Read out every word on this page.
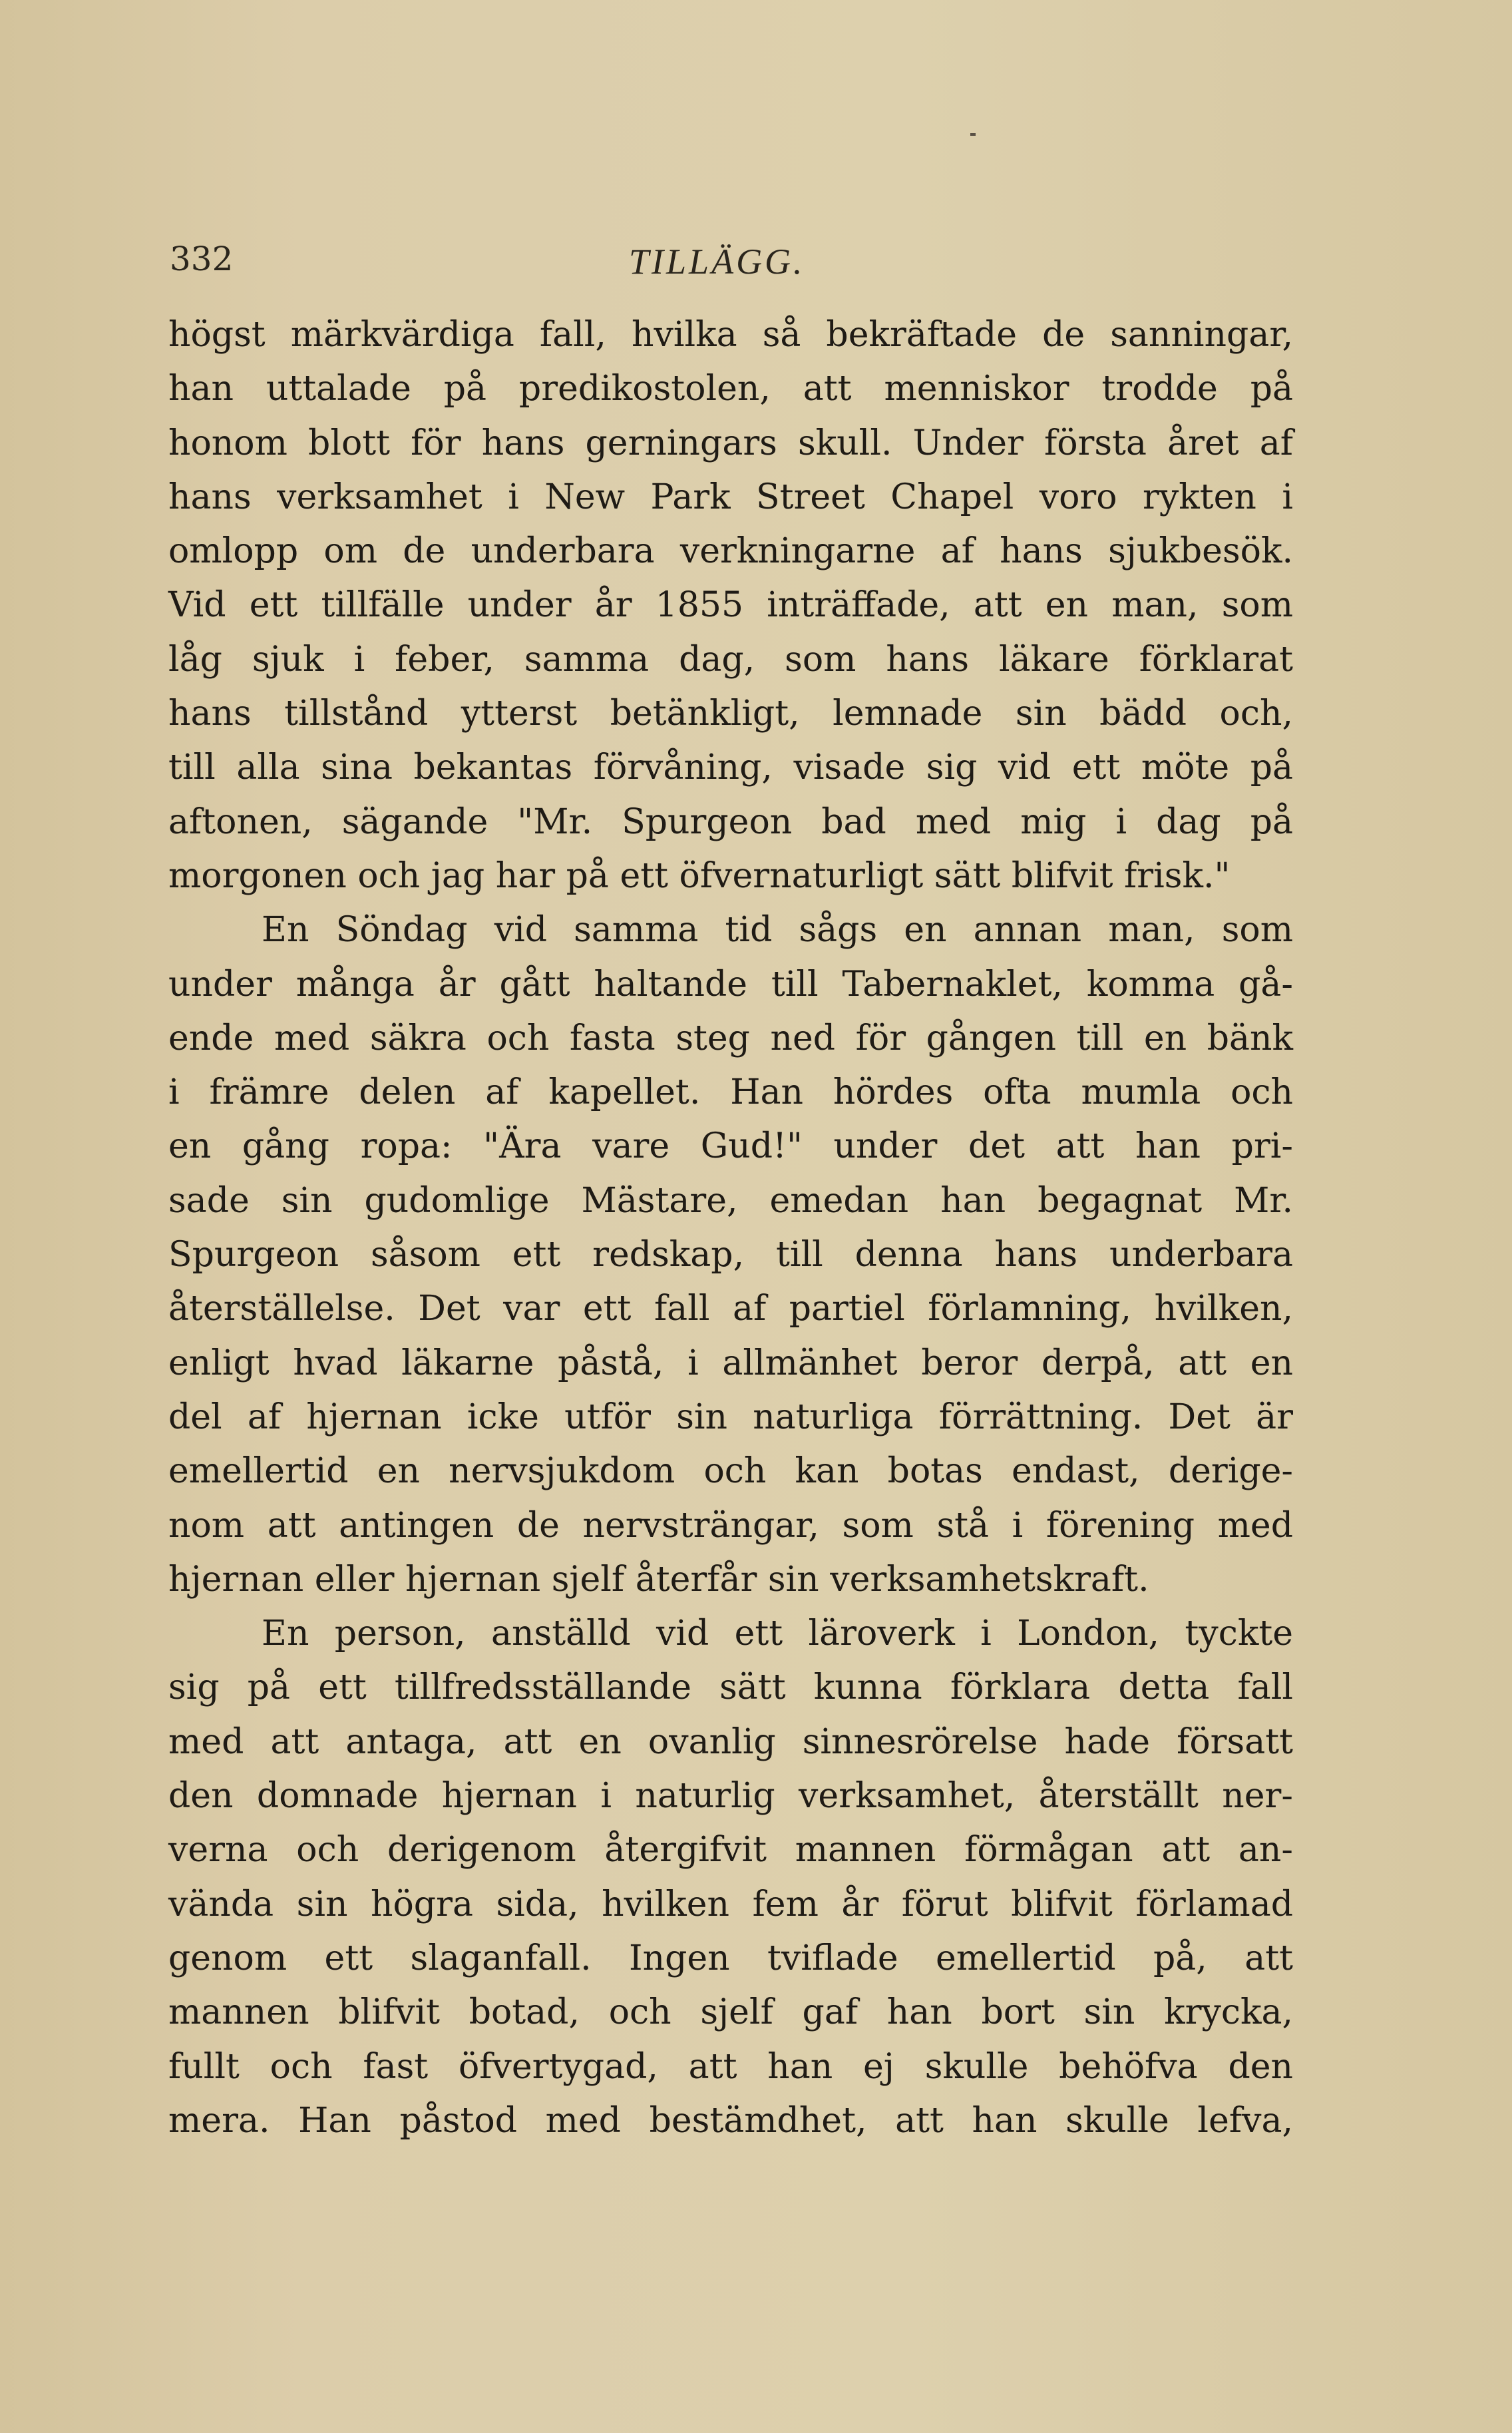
332	TILLÄGG.
högst märkvärdiga fall, hvilka så bekräftade de sanningar,
han uttalade på predikostolen, att menniskor trodde på
honom blott för hans gerningars skull. Under första året af
hans verksamhet i New Park Street Chapel voro rykten i
omlopp om de underbara verkningarne af hans sjukbesök.
Vid ett tillfälle under år 1855 inträffade, att en man, som
låg sjuk i feber, samma dag, som hans läkare förklarat
hans tillstånd ytterst betänkligt, lemnade sin bädd och,
till alla sina bekantas förvåning, visade sig vid ett möte på
aftonen, sägande "Mr. Spurgeon bad med mig i dag på
morgonen och jag har på ett öfvernaturligt sätt blifvit frisk."
En Söndag vid samma tid sågs en annan man, som
under många år gått haltande till Tabernaklet, komma gå-
ende med säkra och fasta steg ned för gången till en bänk
i främre delen af kapellet. Han hördes ofta mumla och
en gång ropa: "Ära vare Gud!" under det att han pri-
sade sin gudomlige Mästare, emedan han begagnat Mr.
Spurgeon såsom ett redskap, till denna hans underbara
återställelse. Det var ett fall af partiel förlamning, hvilken,
enligt hvad läkarne påstå, i allmänhet beror derpå, att en
del af hjernan icke utför sin naturliga förrättning. Det är
emellertid en nervsjukdom och kan botas endast, derige-
nom att antingen de nervsträngar, som stå i förening med
hjernan eller hjernan sjelf återfår sin verksamhetskraft.
En person, anställd vid ett läroverk i London, tyckte
sig på ett tillfredsställande sätt kunna förklara detta fall
med att antaga, att en ovanlig sinnesrörelse hade försatt
den domnade hjernan i naturlig verksamhet, återställt ner-
verna och derigenom återgifvit mannen förmågan att an-
vända sin högra sida, hvilken fem år förut blifvit förlamad
genom ett slaganfall. Ingen tviflade emellertid på, att
mannen blifvit botad, och sjelf gaf han bort sin krycka,
fullt och fast öfvertygad, att han ej skulle behöfva den
mera. Han påstod med bestämdhet, att han skulle lefva,
